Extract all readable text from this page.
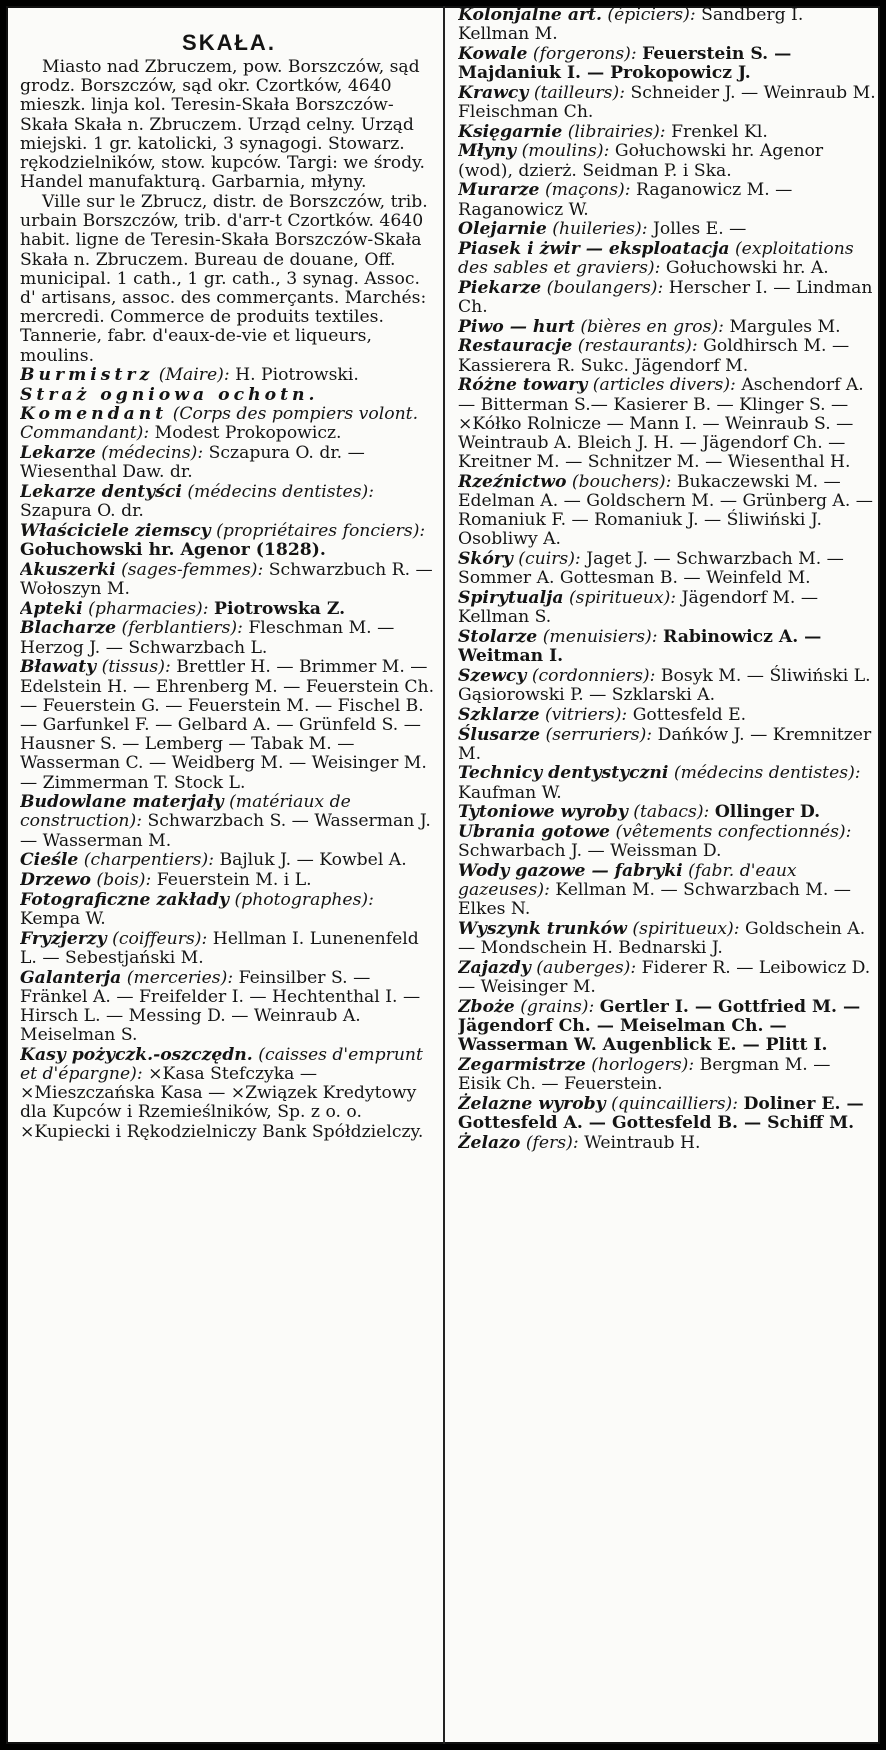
SKAŁA.

Miasto nad Zbruczem, pow. Borszczów, sąd grodz. Borszczów, sąd okr. Czortków, 4640 mieszk. linja kol. Teresin-Skała Borszczów-Skała Skała n. Zbruczem. Urząd celny. Urząd miejski. 1 gr. katolicki, 3 synagogi. Stowarz. rękodzielników, stow. kupców. Targi: we środy. Handel manufakturą. Garbarnia, młyny.

Ville sur le Zbrucz, distr. de Borszczów, trib. urbain Borszczów, trib. d'arr-t Czortków. 4640 habit. ligne de Teresin-Skała Borszczów-Skała Skała n. Zbruczem. Bureau de douane, Off. municipal. 1 cath., 1 gr. cath., 3 synag. Assoc. d' artisans, assoc. des commerçants. Marchés: mercredi. Commerce de produits textiles. Tannerie, fabr. d'eaux-de-vie et liqueurs, moulins.

Burmistrz (Maire): H. Piotrowski.

Straż ogniowa ochotn. Komendant (Corps des pompiers volont. Commandant): Modest Prokopowicz.

Lekarze (médecins): Sczapura O. dr. — Wiesenthal Daw. dr.

Lekarze dentyści (médecins dentistes): Szapura O. dr.

Właściciele ziemscy (propriétaires fonciers): Gołuchowski hr. Agenor (1828).

Akuszerki (sages-femmes): Schwarzbuch R. — Wołoszyn M.

Apteki (pharmacies): Piotrowska Z.

Blacharze (ferblantiers): Fleschman M. — Herzog J. — Schwarzbach L.

Bławaty (tissus): Brettler H. — Brimmer M. — Edelstein H. — Ehrenberg M. — Feuerstein Ch. — Feuerstein G. — Feuerstein M. — Fischel B. — Garfunkel F. — Gelbard A. — Grünfeld S. — Hausner S. — Lemberg — Tabak M. — Wasserman C. — Weidberg M. — Weisinger M. — Zimmerman T. Stock L.

Budowlane materjały (matériaux de construction): Schwarzbach S. — Wasserman J. — Wasserman M.

Cieśle (charpentiers): Bajluk J. — Kowbel A.

Drzewo (bois): Feuerstein M. i L.

Fotograficzne zakłady (photographes): Kempa W.

Fryzjerzy (coiffeurs): Hellman I. Lunenenfeld L. — Sebestjański M.

Galanterja (merceries): Feinsilber S. — Fränkel A. — Freifelder I. — Hechtenthal I. — Hirsch L. — Messing D. — Weinraub A. Meiselman S.

Kasy pożyczk.-oszczędn. (caisses d'emprunt et d'épargne): ×Kasa Stefczyka — ×Mieszczańska Kasa — ×Związek Kredytowy dla Kupców i Rzemieślników, Sp. z o. o. ×Kupiecki i Rękodzielniczy Bank Spółdzielczy.

Kolonjalne art. (épiciers): Sandberg I. Kellman M.

Kowale (forgerons): Feuerstein S. — Majdaniuk I. — Prokopowicz J.

Krawcy (tailleurs): Schneider J. — Weinraub M. Fleischman Ch.

Księgarnie (librairies): Frenkel Kl.

Młyny (moulins): Gołuchowski hr. Agenor (wod), dzierż. Seidman P. i Ska.

Murarze (maçons): Raganowicz M. — Raganowicz W.

Olejarnie (huileries): Jolles E. —

Piasek i żwir — eksploatacja (exploitations des sables et graviers): Gołuchowski hr. A.

Piekarze (boulangers): Herscher I. — Lindman Ch.

Piwo — hurt (bières en gros): Margules M.

Restauracje (restaurants): Goldhirsch M. — Kassierera R. Sukc. Jägendorf M.

Różne towary (articles divers): Aschendorf A. — Bitterman S.— Kasierer B. — Klinger S. — ×Kółko Rolnicze — Mann I. — Weinraub S. — Weintraub A. Bleich J. H. — Jägendorf Ch. — Kreitner M. — Schnitzer M. — Wiesenthal H.

Rzeźnictwo (bouchers): Bukaczewski M. — Edelman A. — Goldschern M. — Grünberg A. — Romaniuk F. — Romaniuk J. — Śliwiński J. Osobliwy A.

Skóry (cuirs): Jaget J. — Schwarzbach M. — Sommer A. Gottesman B. — Weinfeld M.

Spirytualja (spiritueux): Jägendorf M. — Kellman S.

Stolarze (menuisiers): Rabinowicz A. — Weitman I.

Szewcy (cordonniers): Bosyk M. — Śliwiński L. Gąsiorowski P. — Szklarski A.

Szklarze (vitriers): Gottesfeld E.

Ślusarze (serruriers): Dańków J. — Kremnitzer M.

Technicy dentystyczni (médecins dentistes): Kaufman W.

Tytoniowe wyroby (tabacs): Ollinger D.

Ubrania gotowe (vêtements confectionnés): Schwarbach J. — Weissman D.

Wody gazowe — fabryki (fabr. d'eaux gazeuses): Kellman M. — Schwarzbach M. — Elkes N.

Wyszynk trunków (spiritueux): Goldschein A. — Mondschein H. Bednarski J.

Zajazdy (auberges): Fiderer R. — Leibowicz D. — Weisinger M.

Zboże (grains): Gertler I. — Gottfried M. — Jägendorf Ch. — Meiselman Ch. — Wasserman W. Augenblick E. — Plitt I.

Zegarmistrze (horlogers): Bergman M. — Eisik Ch. — Feuerstein.

Żelazne wyroby (quincailliers): Doliner E. — Gottesfeld A. — Gottesfeld B. — Schiff M.

Żelazo (fers): Weintraub H.
